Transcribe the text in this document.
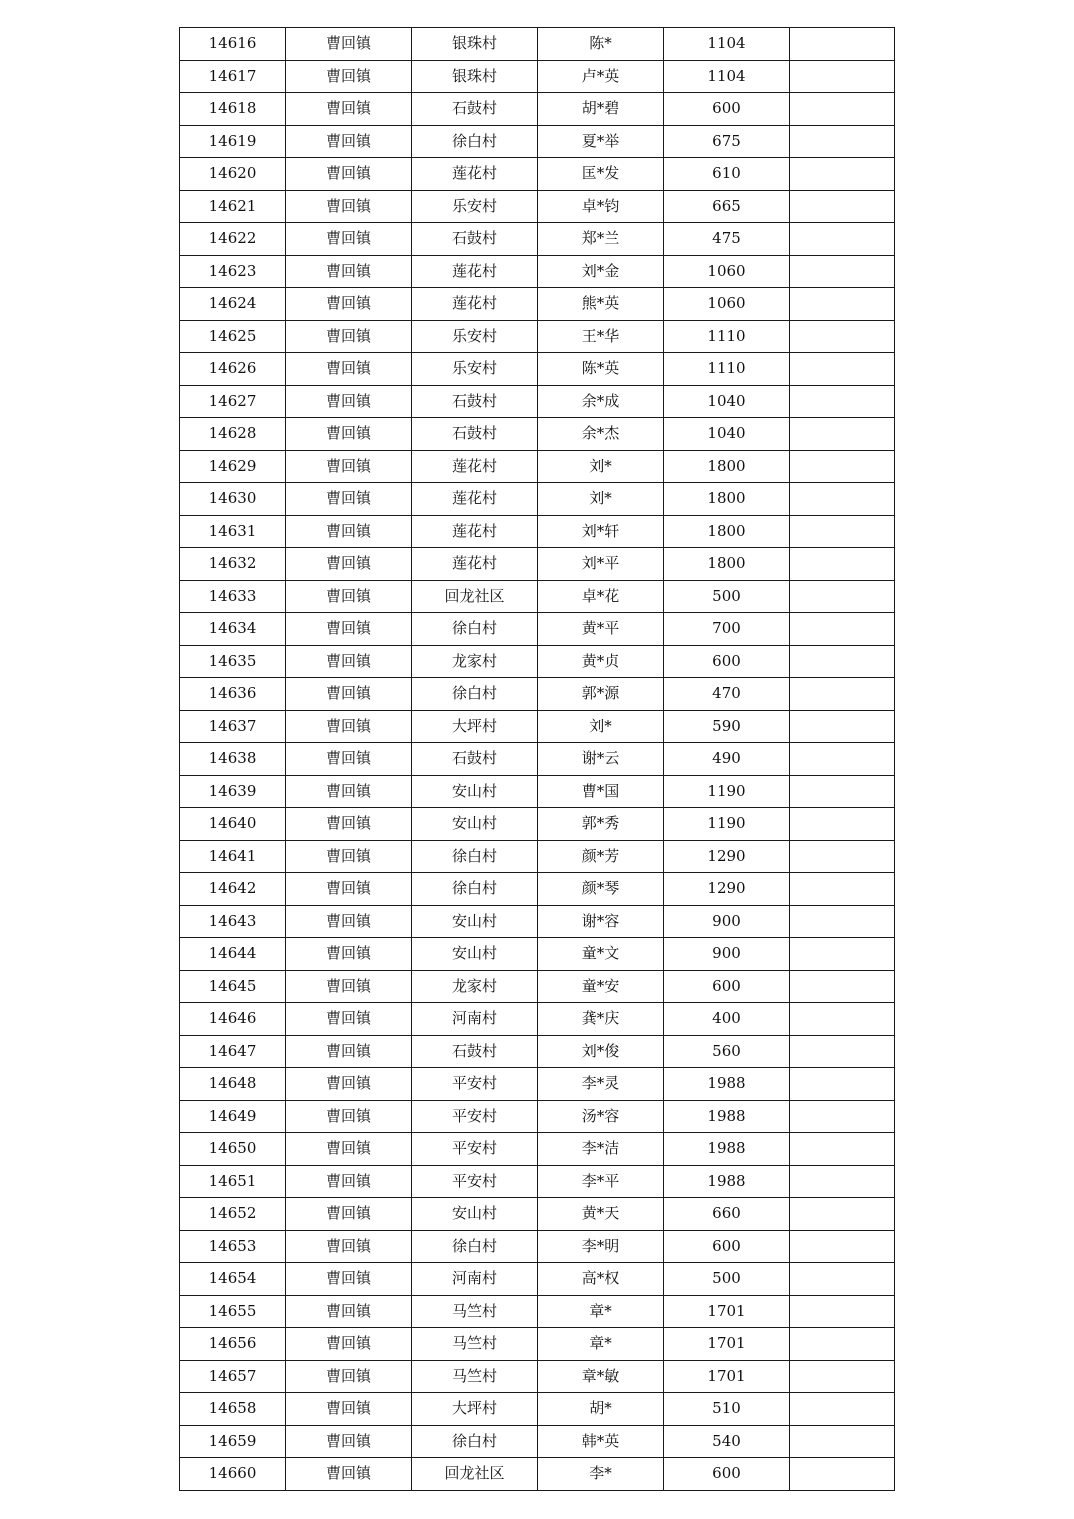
14616	曹回镇	银珠村	陈*	1104	
14617	曹回镇	银珠村	卢*英	1104	
14618	曹回镇	石鼓村	胡*碧	600	
14619	曹回镇	徐白村	夏*举	675	
14620	曹回镇	莲花村	匡*发	610	
14621	曹回镇	乐安村	卓*钧	665	
14622	曹回镇	石鼓村	郑*兰	475	
14623	曹回镇	莲花村	刘*金	1060	
14624	曹回镇	莲花村	熊*英	1060	
14625	曹回镇	乐安村	王*华	1110	
14626	曹回镇	乐安村	陈*英	1110	
14627	曹回镇	石鼓村	余*成	1040	
14628	曹回镇	石鼓村	余*杰	1040	
14629	曹回镇	莲花村	刘*	1800	
14630	曹回镇	莲花村	刘*	1800	
14631	曹回镇	莲花村	刘*轩	1800	
14632	曹回镇	莲花村	刘*平	1800	
14633	曹回镇	回龙社区	卓*花	500	
14634	曹回镇	徐白村	黄*平	700	
14635	曹回镇	龙家村	黄*贞	600	
14636	曹回镇	徐白村	郭*源	470	
14637	曹回镇	大坪村	刘*	590	
14638	曹回镇	石鼓村	谢*云	490	
14639	曹回镇	安山村	曹*国	1190	
14640	曹回镇	安山村	郭*秀	1190	
14641	曹回镇	徐白村	颜*芳	1290	
14642	曹回镇	徐白村	颜*琴	1290	
14643	曹回镇	安山村	谢*容	900	
14644	曹回镇	安山村	童*文	900	
14645	曹回镇	龙家村	童*安	600	
14646	曹回镇	河南村	龚*庆	400	
14647	曹回镇	石鼓村	刘*俊	560	
14648	曹回镇	平安村	李*灵	1988	
14649	曹回镇	平安村	汤*容	1988	
14650	曹回镇	平安村	李*洁	1988	
14651	曹回镇	平安村	李*平	1988	
14652	曹回镇	安山村	黄*天	660	
14653	曹回镇	徐白村	李*明	600	
14654	曹回镇	河南村	高*权	500	
14655	曹回镇	马竺村	章*	1701	
14656	曹回镇	马竺村	章*	1701	
14657	曹回镇	马竺村	章*敏	1701	
14658	曹回镇	大坪村	胡*	510	
14659	曹回镇	徐白村	韩*英	540	
14660	曹回镇	回龙社区	李*	600	
